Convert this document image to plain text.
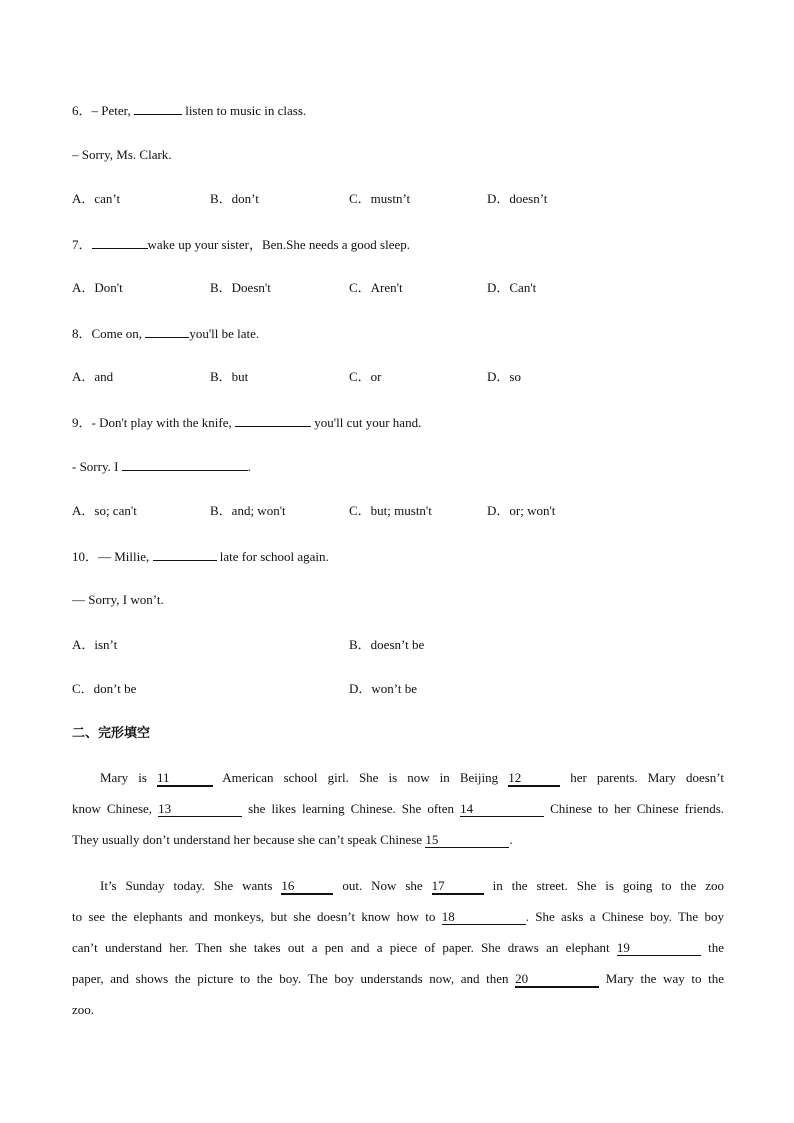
6．– Peter,	listen to music in class.
– Sorry, Ms. Clark.
A．can’t	B．don’t	C．mustn’t	D．doesn’t
7．	wake up your sister，Ben.She needs a good sleep.
A．Don't	B．Doesn't	C．Aren't	D．Can't
8．Come on,	you'll be late.
A．and	B．but	C．or	D．so
9．- Don't play with the knife,	you'll cut your hand.
- Sorry. I	.
A．so; can't	B．and; won't	C．but; mustn't	D．or; won't
10．— Millie,	late for school again.
— Sorry, I won’t.
A．isn’t	B．doesn’t be
C．don’t be	D．won’t be
二、完形填空
Mary is 11	American school girl. She is now in Beijing 12	her parents. Mary doesn’t
know Chinese, 13	she likes learning Chinese. She often 14	Chinese to her Chinese friends.
They usually don’t understand her because she can’t speak Chinese 15	.
It’s Sunday today. She wants 16	out. Now she 17	in the street. She is going to the zoo
to see the elephants and monkeys, but she doesn’t know how to 18	. She asks a Chinese boy. The boy
can’t understand her. Then she takes out a pen and a piece of paper. She draws an elephant 19	the
paper, and shows the picture to the boy. The boy understands now, and then 20	Mary the way to the
zoo.
